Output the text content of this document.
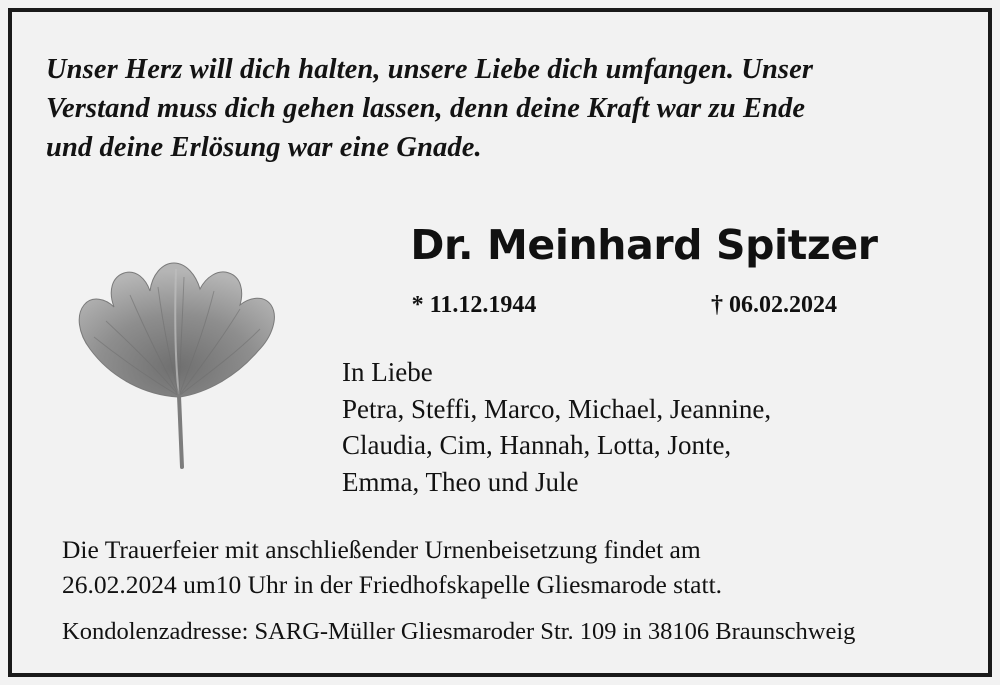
Unser Herz will dich halten, unsere Liebe dich umfangen. Unser
Verstand muss dich gehen lassen, denn deine Kraft war zu Ende
und deine Erlösung war eine Gnade.
Dr. Meinhard Spitzer
* 11.12.1944	† 06.02.2024
In Liebe
Petra, Steffi, Marco, Michael, Jeannine,
Claudia, Cim, Hannah, Lotta, Jonte,
Emma, Theo und Jule
Die Trauerfeier mit anschließender Urnenbeisetzung findet am
26.02.2024 um10 Uhr in der Friedhofskapelle Gliesmarode statt.
Kondolenzadresse: SARG-Müller Gliesmaroder Str. 109 in 38106 Braunschweig
